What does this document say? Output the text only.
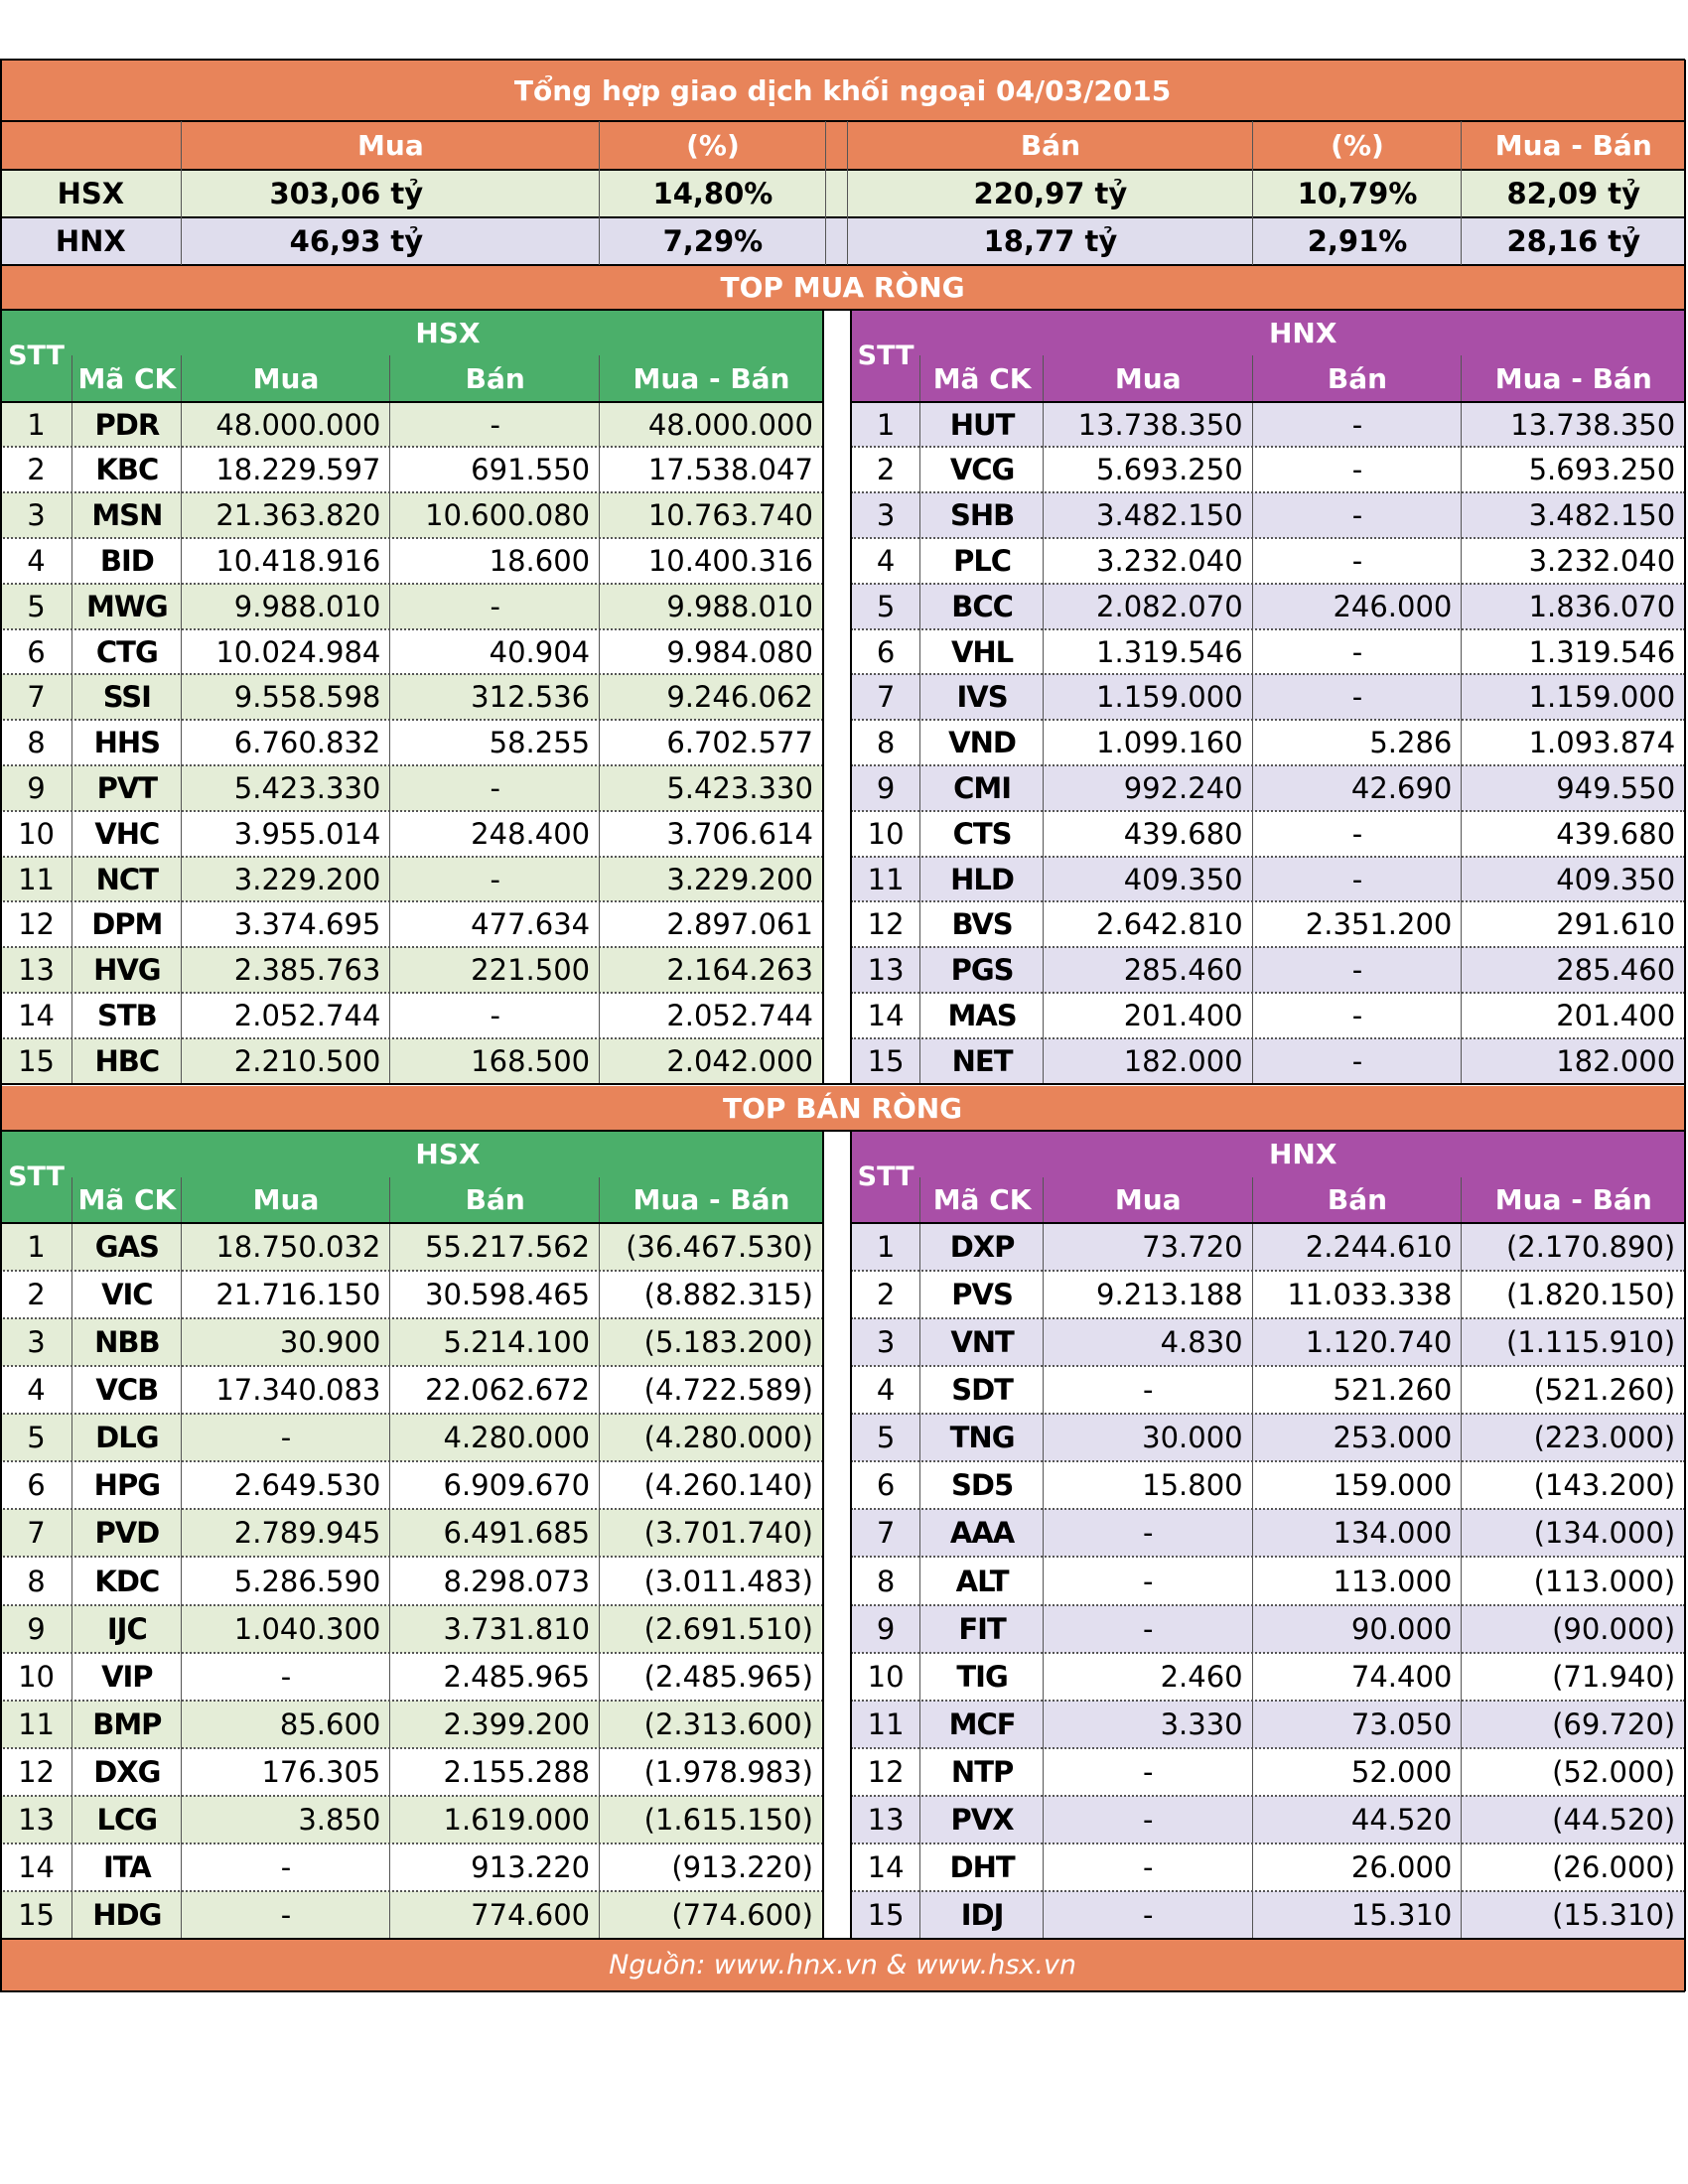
Tổng hợp giao dịch khối ngoại 04/03/2015
Mua	(%)	Bán	(%)	Mua - Bán
HSX	303,06 tỷ	14,80%	220,97 tỷ	10,79%	82,09 tỷ
HNX	46,93 tỷ	7,29%	18,77 tỷ	2,91%	28,16 tỷ
TOP MUA RÒNG
STT
HSX
Mã CK	Mua	Bán	Mua - Bán
STT
HNX
Mã CK	Mua	Bán	Mua - Bán
1	PDR	48.000.000	-	48.000.000	1	HUT	13.738.350	-	13.738.350
2	KBC	18.229.597	691.550	17.538.047	2	VCG	5.693.250	-	5.693.250
3	MSN	21.363.820	10.600.080	10.763.740	3	SHB	3.482.150	-	3.482.150
4	BID	10.418.916	18.600	10.400.316	4	PLC	3.232.040	-	3.232.040
5	MWG	9.988.010	-	9.988.010	5	BCC	2.082.070	246.000	1.836.070
6	CTG	10.024.984	40.904	9.984.080	6	VHL	1.319.546	-	1.319.546
7	SSI	9.558.598	312.536	9.246.062	7	IVS	1.159.000	-	1.159.000
8	HHS	6.760.832	58.255	6.702.577	8	VND	1.099.160	5.286	1.093.874
9	PVT	5.423.330	-	5.423.330	9	CMI	992.240	42.690	949.550
10	VHC	3.955.014	248.400	3.706.614	10	CTS	439.680	-	439.680
11	NCT	3.229.200	-	3.229.200	11	HLD	409.350	-	409.350
12	DPM	3.374.695	477.634	2.897.061	12	BVS	2.642.810	2.351.200	291.610
13	HVG	2.385.763	221.500	2.164.263	13	PGS	285.460	-	285.460
14	STB	2.052.744	-	2.052.744	14	MAS	201.400	-	201.400
15	HBC	2.210.500	168.500	2.042.000	15	NET	182.000	-	182.000
TOP BÁN RÒNG
STT
HSX
Mã CK	Mua	Bán	Mua - Bán
STT
HNX
Mã CK	Mua	Bán	Mua - Bán
1	GAS	18.750.032	55.217.562	(36.467.530)	1	DXP	73.720	2.244.610	(2.170.890)
2	VIC	21.716.150	30.598.465	(8.882.315)	2	PVS	9.213.188	11.033.338	(1.820.150)
3	NBB	30.900	5.214.100	(5.183.200)	3	VNT	4.830	1.120.740	(1.115.910)
4	VCB	17.340.083	22.062.672	(4.722.589)	4	SDT	-	521.260	(521.260)
5	DLG	-	4.280.000	(4.280.000)	5	TNG	30.000	253.000	(223.000)
6	HPG	2.649.530	6.909.670	(4.260.140)	6	SD5	15.800	159.000	(143.200)
7	PVD	2.789.945	6.491.685	(3.701.740)	7	AAA	-	134.000	(134.000)
8	KDC	5.286.590	8.298.073	(3.011.483)	8	ALT	-	113.000	(113.000)
9	IJC	1.040.300	3.731.810	(2.691.510)	9	FIT	-	90.000	(90.000)
10	VIP	-	2.485.965	(2.485.965)	10	TIG	2.460	74.400	(71.940)
11	BMP	85.600	2.399.200	(2.313.600)	11	MCF	3.330	73.050	(69.720)
12	DXG	176.305	2.155.288	(1.978.983)	12	NTP	-	52.000	(52.000)
13	LCG	3.850	1.619.000	(1.615.150)	13	PVX	-	44.520	(44.520)
14	ITA	-	913.220	(913.220)	14	DHT	-	26.000	(26.000)
15	HDG	-	774.600	(774.600)	15	IDJ	-	15.310	(15.310)
Nguồn: www.hnx.vn & www.hsx.vn
